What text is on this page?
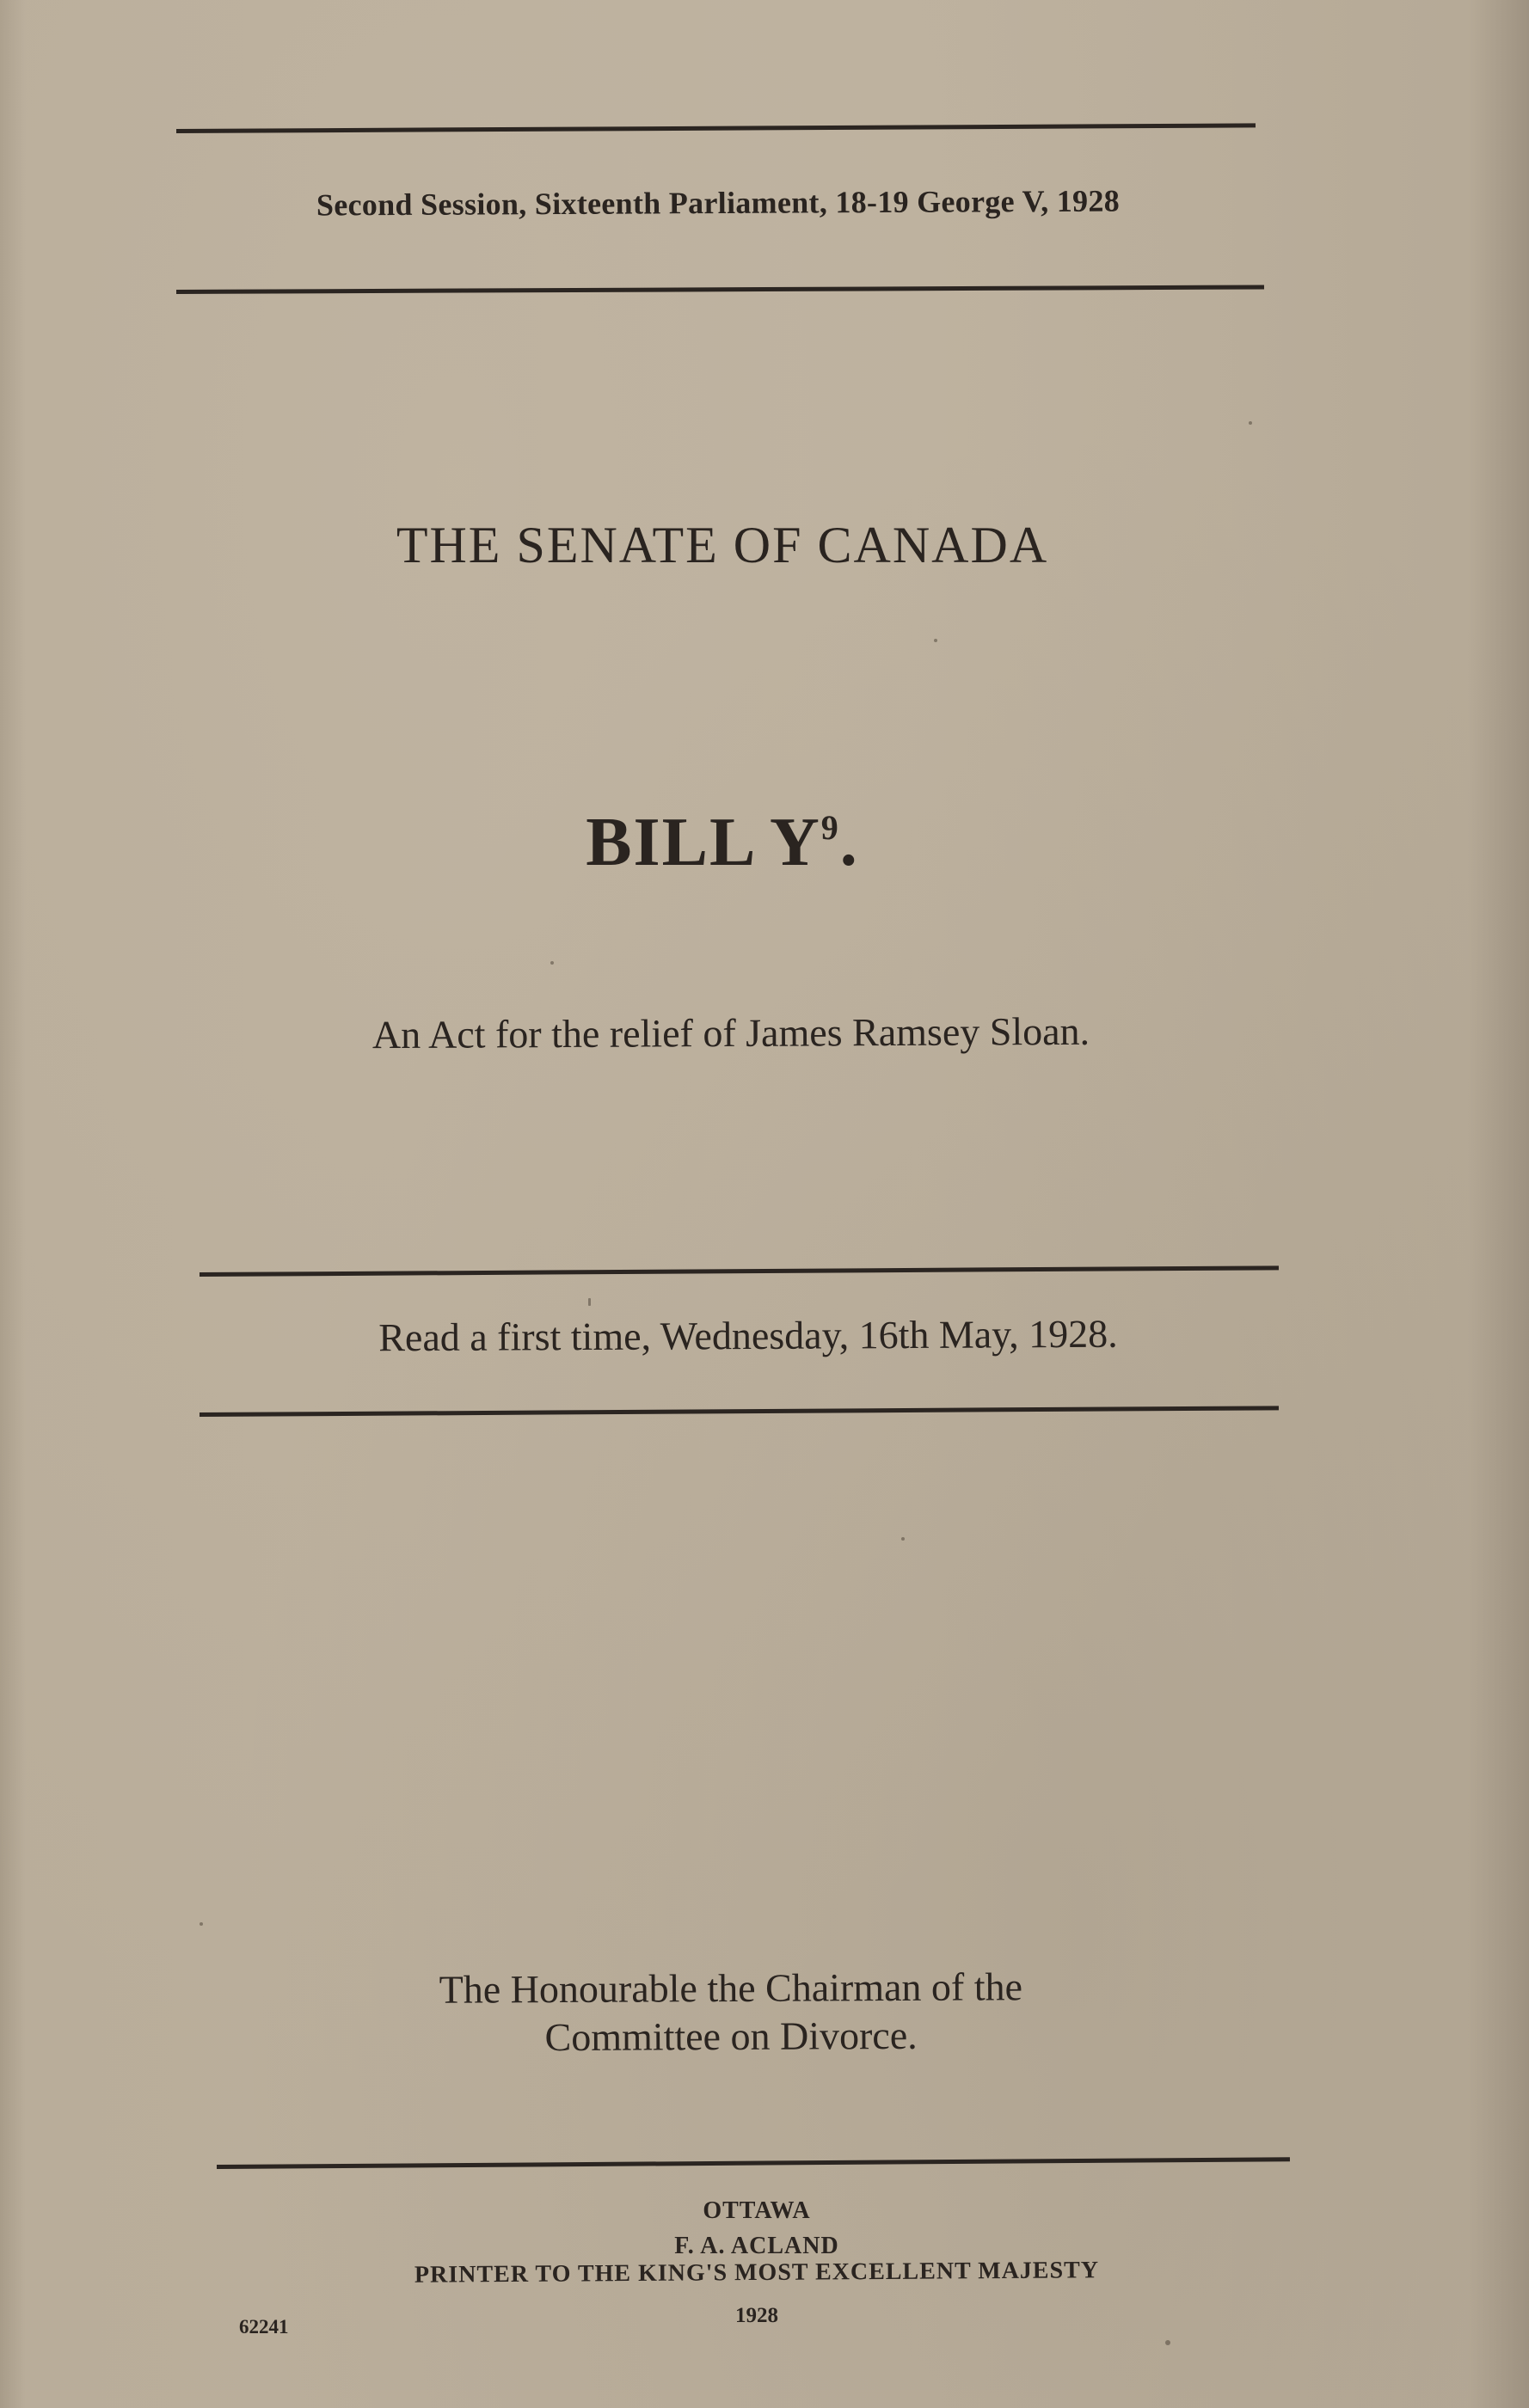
Second Session, Sixteenth Parliament, 18-19 George V, 1928
THE SENATE OF CANADA
BILL $Y^9$.
An Act for the relief of James Ramsey Sloan.
Read a first time, Wednesday, 16th May, 1928.
The Honourable the Chairman of the
Committee on Divorce.
OTTAWA
F. A. ACLAND
PRINTER TO THE KING'S MOST EXCELLENT MAJESTY
1928
62241
